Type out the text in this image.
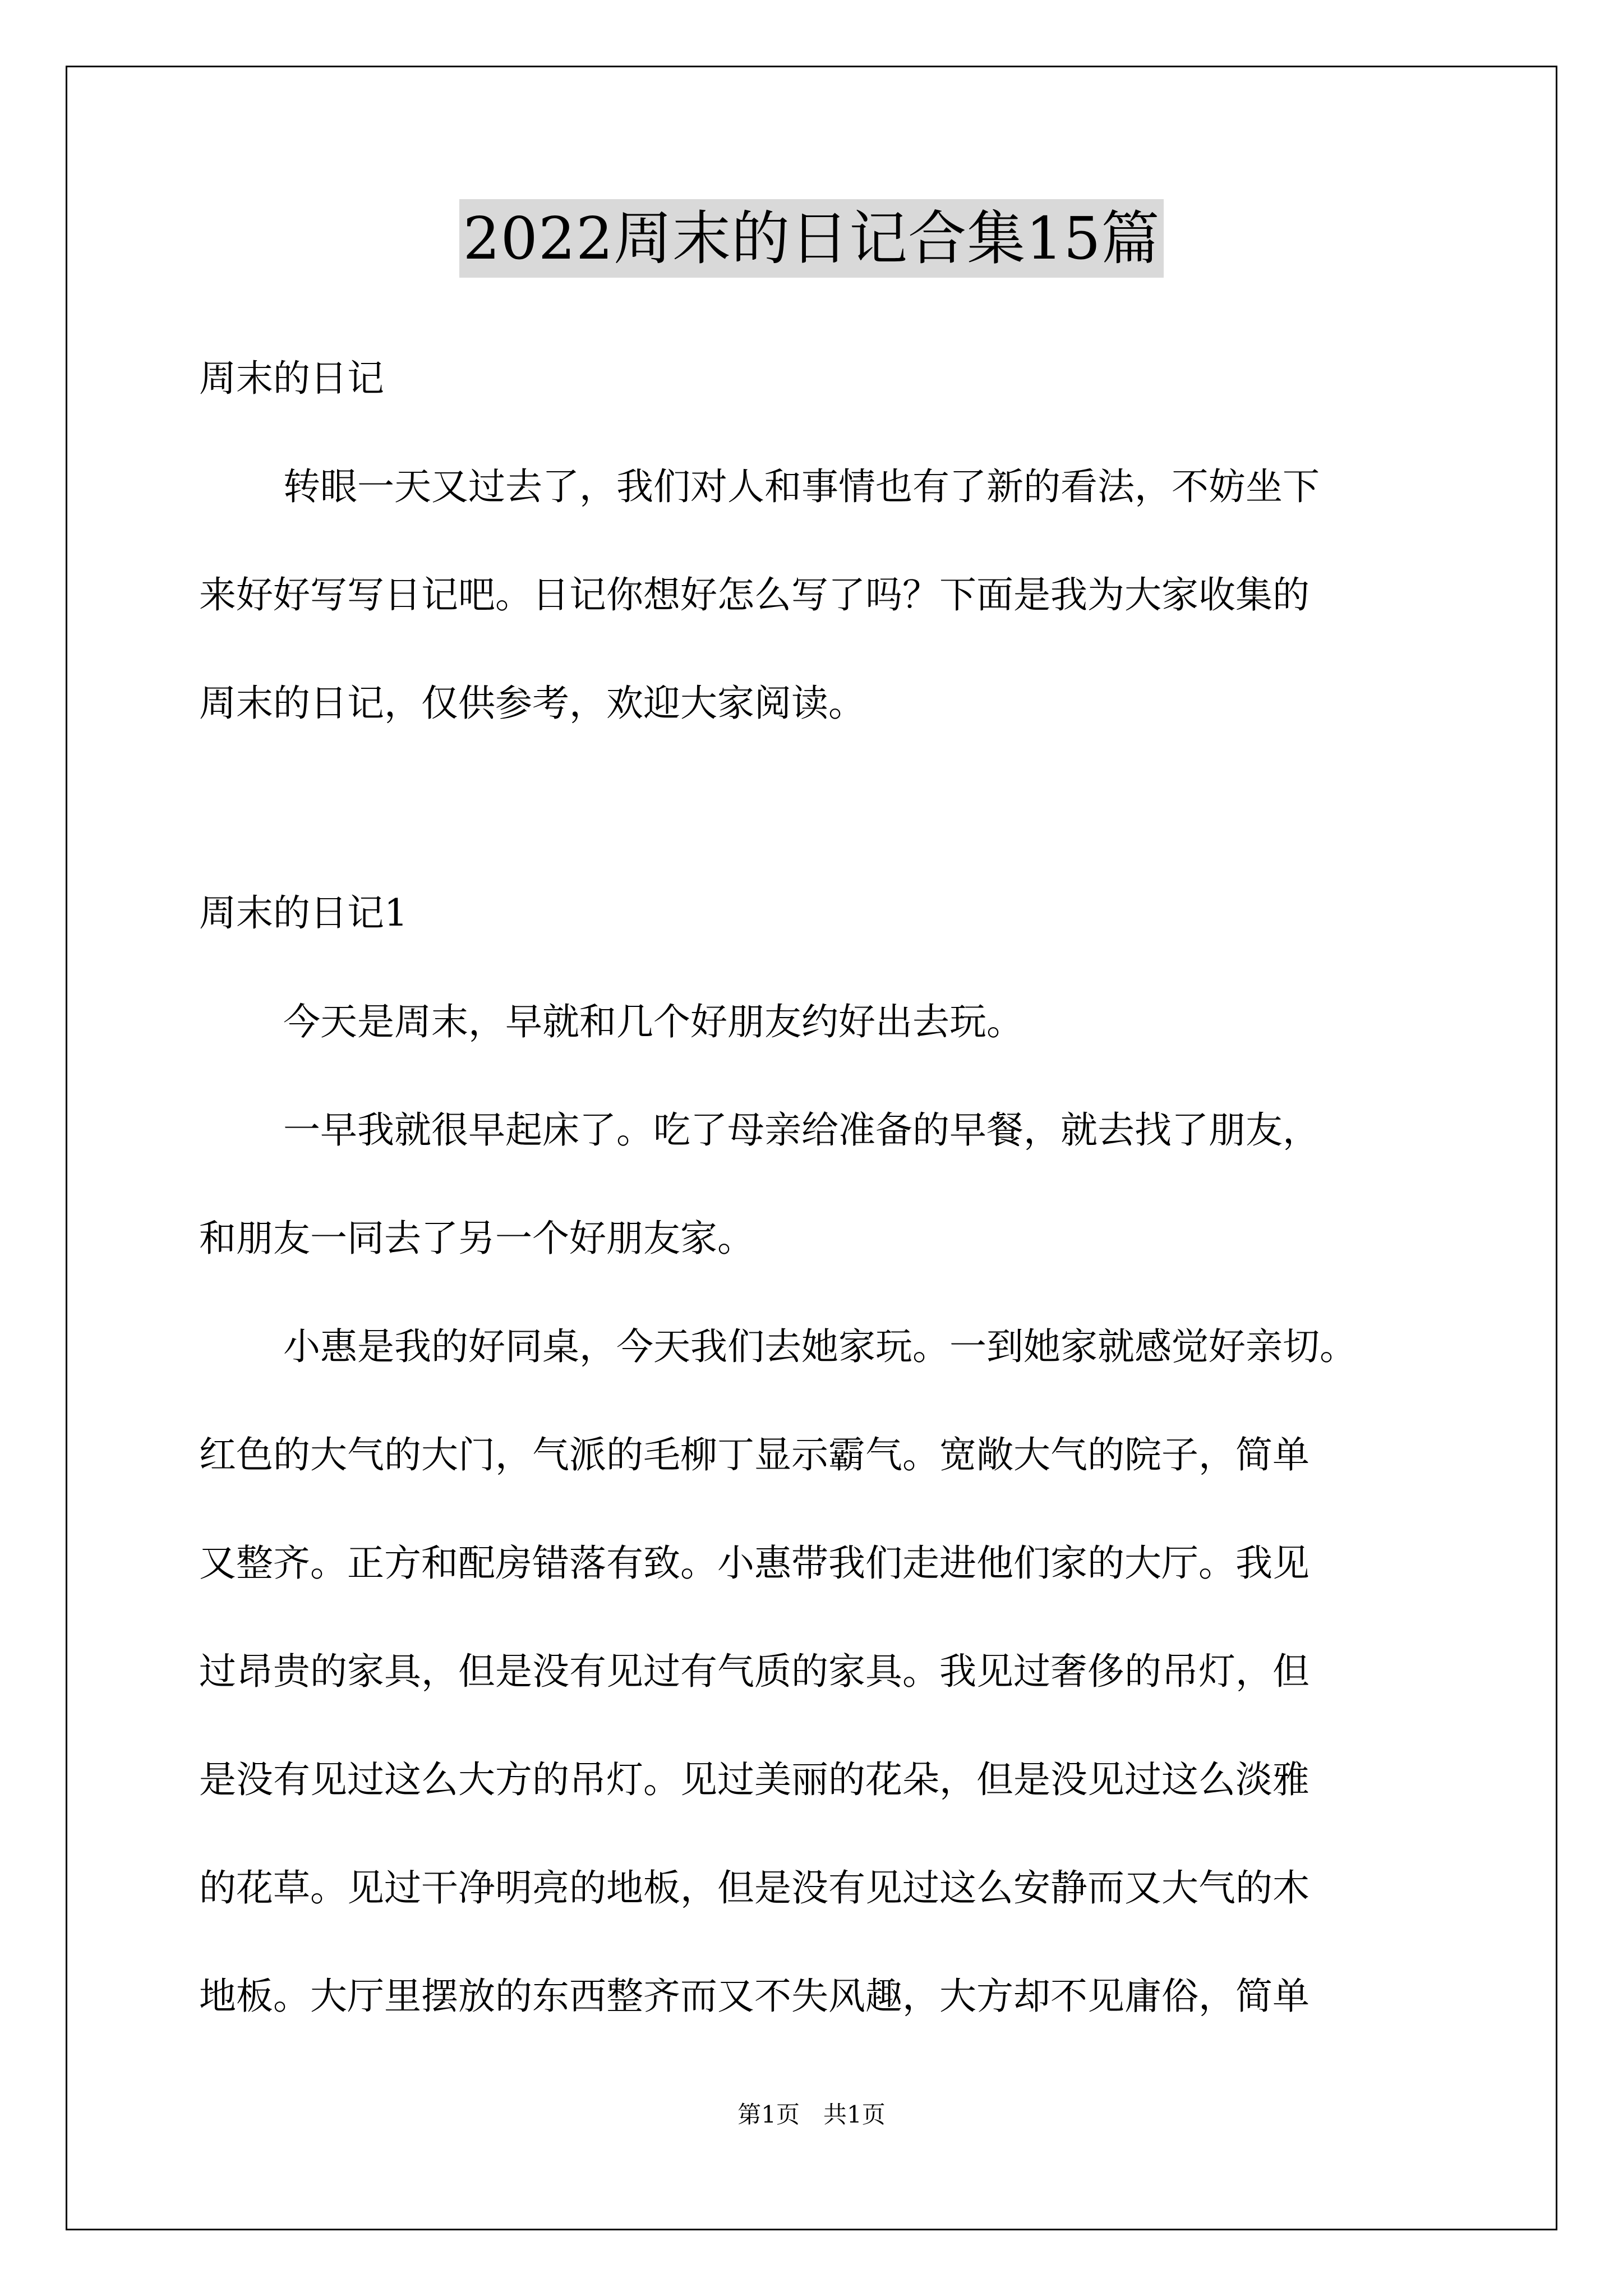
2022周末的日记合集15篇
周末的日记
转眼一天又过去了，我们对人和事情也有了新的看法，不妨坐下
来好好写写日记吧。日记你想好怎么写了吗？下面是我为大家收集的
周末的日记，仅供参考，欢迎大家阅读。
周末的日记1
今天是周末，早就和几个好朋友约好出去玩。
一早我就很早起床了。吃了母亲给准备的早餐，就去找了朋友，
和朋友一同去了另一个好朋友家。
小惠是我的好同桌，今天我们去她家玩。一到她家就感觉好亲切。
红色的大气的大门，气派的毛柳丁显示霸气。宽敞大气的院子，简单
又整齐。正方和配房错落有致。小惠带我们走进他们家的大厅。我见
过昂贵的家具，但是没有见过有气质的家具。我见过奢侈的吊灯，但
是没有见过这么大方的吊灯。见过美丽的花朵，但是没见过这么淡雅
的花草。见过干净明亮的地板，但是没有见过这么安静而又大气的木
地板。大厅里摆放的东西整齐而又不失风趣，大方却不见庸俗，简单
第1页　共1页
